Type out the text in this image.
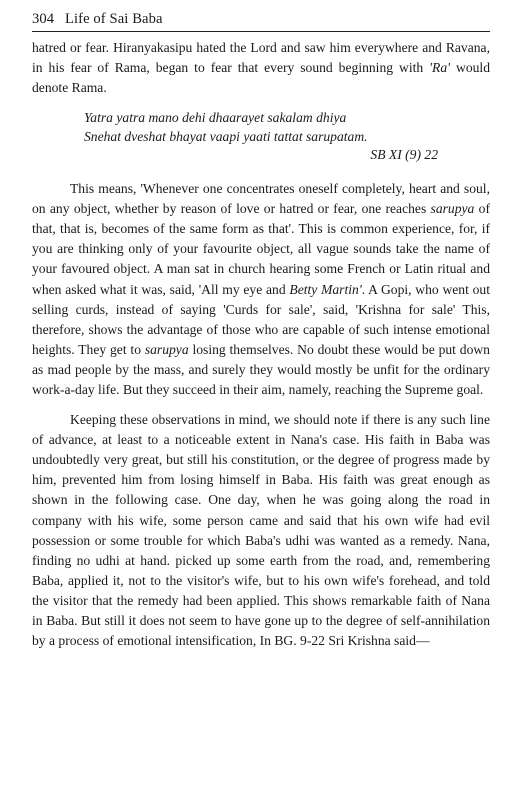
304 Life of Sai Baba

hatred or fear. Hiranyakasipu hated the Lord and saw him everywhere and Ravana, in his fear of Rama, began to fear that every sound beginning with 'Ra' would denote Rama.

Yatra yatra mano dehi dhaarayet sakalam dhiya
Snehat dveshat bhayat vaapi yaati tattat sarupatam.
SB XI (9) 22

This means, 'Whenever one concentrates oneself completely, heart and soul, on any object, whether by reason of love or hatred or fear, one reaches sarupya of that, that is, becomes of the same form as that'. This is common experience, for, if you are thinking only of your favourite object, all vague sounds take the name of your favoured object. A man sat in church hearing some French or Latin ritual and when asked what it was, said, 'All my eye and Betty Martin'. A Gopi, who went out selling curds, instead of saying 'Curds for sale', said, 'Krishna for sale' This, therefore, shows the advantage of those who are capable of such intense emotional heights. They get to sarupya losing themselves. No doubt these would be put down as mad people by the mass, and surely they would mostly be unfit for the ordinary work-a-day life. But they succeed in their aim, namely, reaching the Supreme goal.

Keeping these observations in mind, we should note if there is any such line of advance, at least to a noticeable extent in Nana's case. His faith in Baba was undoubtedly very great, but still his constitution, or the degree of progress made by him, prevented him from losing himself in Baba. His faith was great enough as shown in the following case. One day, when he was going along the road in company with his wife, some person came and said that his own wife had evil possession or some trouble for which Baba's udhi was wanted as a remedy. Nana, finding no udhi at hand. picked up some earth from the road, and, remembering Baba, applied it, not to the visitor's wife, but to his own wife's forehead, and told the visitor that the remedy had been applied. This shows remarkable faith of Nana in Baba. But still it does not seem to have gone up to the degree of self-annihilation by a process of emotional intensification, In BG. 9-22 Sri Krishna said—
